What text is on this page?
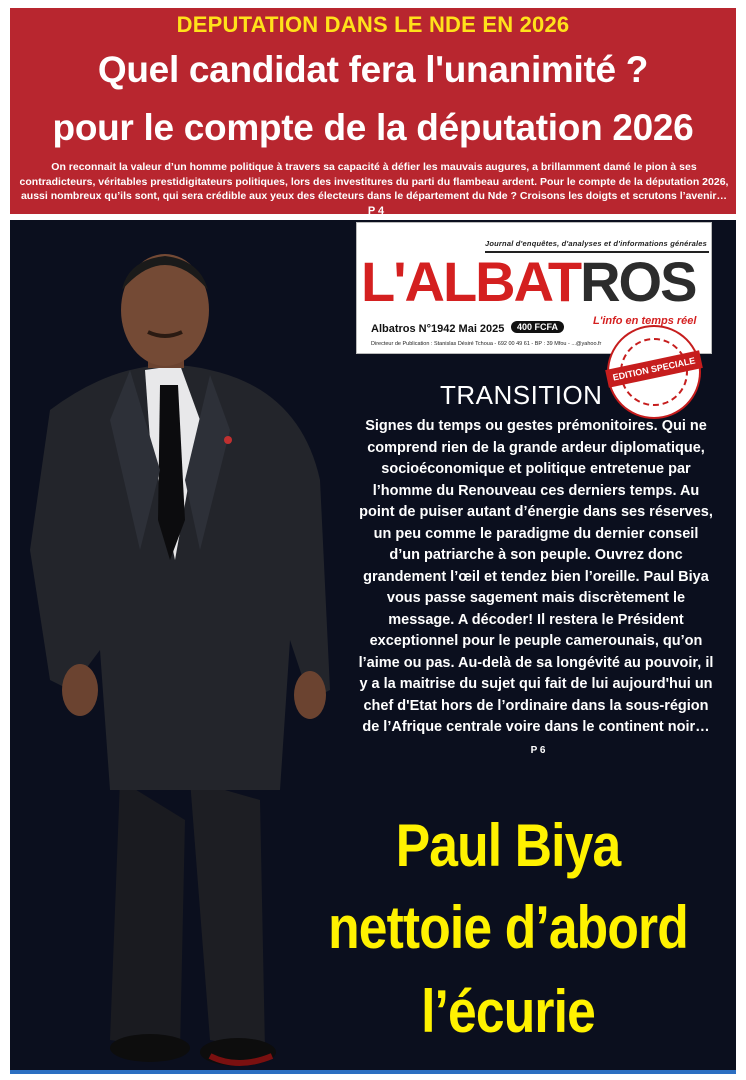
DEPUTATION DANS LE NDE EN 2026
Quel candidat fera l'unanimité ?
pour le compte de la députation 2026
On reconnait la valeur d’un homme politique à travers sa capacité à défier les mauvais augures, a brillamment damé le pion à ses contradicteurs, véritables prestidigitateurs politiques, lors des investitures du parti du flambeau ardent. Pour le compte de la députation 2026, aussi nombreux qu’ils sont, qui sera crédible aux yeux des électeurs dans le département du Nde ? Croisons les doigts et scrutons l’avenir…P 4
Journal d'enquêtes, d'analyses et d'informations générales
L'ALBATROS
Albatros N°1942 Mai 2025	400 FCFA	L'info en temps réel
Directeur de Publication : Stanislas Désiré Tchoua - 692 00 49 61 - BP : 39 Mfou - ...@yahoo.fr
EDITION SPECIALE
TRANSITION
Signes du temps ou gestes prémonitoires. Qui ne comprend rien de la grande ardeur diplomatique, socioéconomique et politique entretenue par l’homme du Renouveau ces derniers temps. Au point de puiser autant d’énergie dans ses réserves, un peu comme le paradigme du dernier conseil d’un patriarche à son peuple. Ouvrez donc grandement l’œil et tendez bien l’oreille. Paul Biya vous passe sagement mais discrètement le message. A décoder! Il restera le Président exceptionnel pour le peuple camerounais, qu’on l’aime ou pas. Au-delà de sa longévité au pouvoir, il y a la maitrise du sujet qui fait de lui aujourd'hui un chef d'Etat hors de l’ordinaire dans la sous-région de l’Afrique centrale voire dans le continent noir…P 6
Paul Biya
nettoie d’abord
l’écurie
